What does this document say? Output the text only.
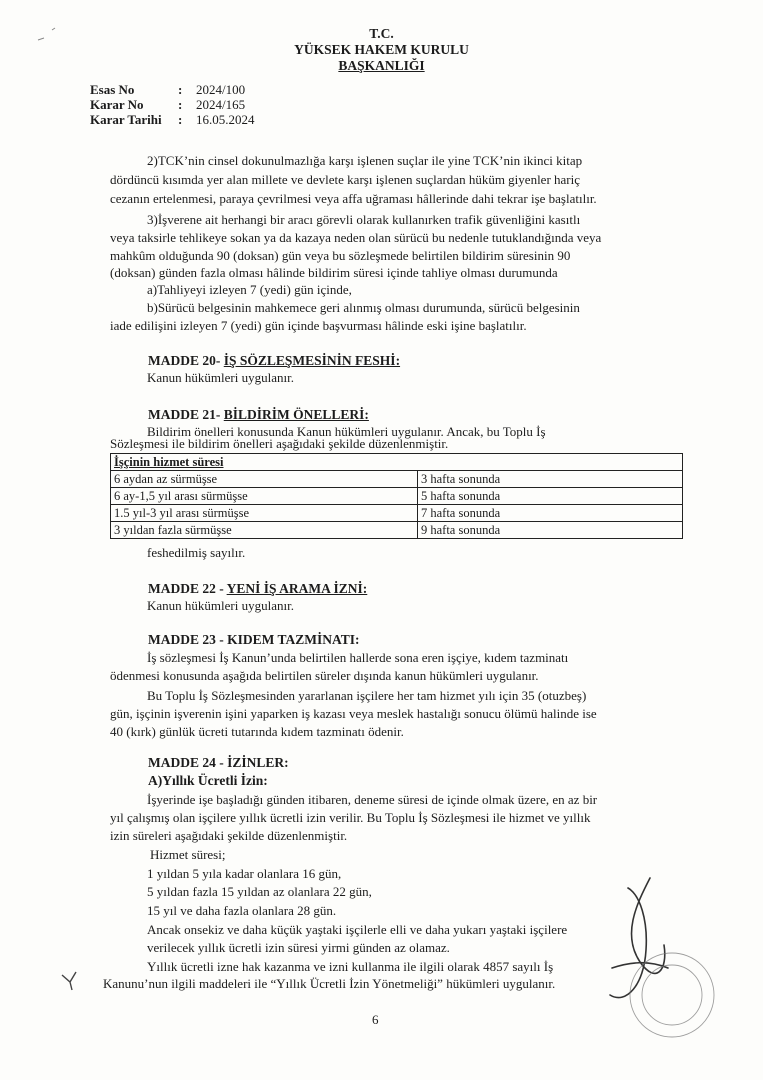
T.C.
YÜKSEK HAKEM KURULU
BAŞKANLIĞI
Esas No	:	2024/100
Karar No	:	2024/165
Karar Tarihi	:	16.05.2024
2)TCK’nin cinsel dokunulmazlığa karşı işlenen suçlar ile yine TCK’nin ikinci kitap
dördüncü kısımda yer alan millete ve devlete karşı işlenen suçlardan hüküm giyenler hariç
cezanın ertelenmesi, paraya çevrilmesi veya affa uğraması hâllerinde dahi tekrar işe başlatılır.
3)İşverene ait herhangi bir aracı görevli olarak kullanırken trafik güvenliğini kasıtlı
veya taksirle tehlikeye sokan ya da kazaya neden olan sürücü bu nedenle tutuklandığında veya
mahkûm olduğunda 90 (doksan) gün veya bu sözleşmede belirtilen bildirim süresinin 90
(doksan) günden fazla olması hâlinde bildirim süresi içinde tahliye olması durumunda
a)Tahliyeyi izleyen 7 (yedi) gün içinde,
b)Sürücü belgesinin mahkemece geri alınmış olması durumunda, sürücü belgesinin
iade edilişini izleyen 7 (yedi) gün içinde başvurması hâlinde eski işine başlatılır.
MADDE 20- İŞ SÖZLEŞMESİNİN FESHİ:
Kanun hükümleri uygulanır.
MADDE 21- BİLDİRİM ÖNELLERİ:
Bildirim önelleri konusunda Kanun hükümleri uygulanır. Ancak, bu Toplu İş
Sözleşmesi ile bildirim önelleri aşağıdaki şekilde düzenlenmiştir.
İşçinin hizmet süresi	
6 aydan az sürmüşse	3 hafta sonunda
6 ay-1,5 yıl arası sürmüşse	5 hafta sonunda
1.5 yıl-3 yıl arası sürmüşse	7 hafta sonunda
3 yıldan fazla sürmüşse	9 hafta sonunda
feshedilmiş sayılır.
MADDE 22 - YENİ İŞ ARAMA İZNİ:
Kanun hükümleri uygulanır.
MADDE 23 - KIDEM TAZMİNATI:
İş sözleşmesi İş Kanun’unda belirtilen hallerde sona eren işçiye, kıdem tazminatı
ödenmesi konusunda aşağıda belirtilen süreler dışında kanun hükümleri uygulanır.
Bu Toplu İş Sözleşmesinden yararlanan işçilere her tam hizmet yılı için 35 (otuzbeş)
gün, işçinin işverenin işini yaparken iş kazası veya meslek hastalığı sonucu ölümü halinde ise
40 (kırk) günlük ücreti tutarında kıdem tazminatı ödenir.
MADDE 24 - İZİNLER:
A)Yıllık Ücretli İzin:
İşyerinde işe başladığı günden itibaren, deneme süresi de içinde olmak üzere, en az bir
yıl çalışmış olan işçilere yıllık ücretli izin verilir. Bu Toplu İş Sözleşmesi ile hizmet ve yıllık
izin süreleri aşağıdaki şekilde düzenlenmiştir.
Hizmet süresi;
1 yıldan 5 yıla kadar olanlara 16 gün,
5 yıldan fazla 15 yıldan az olanlara 22 gün,
15 yıl ve daha fazla olanlara 28 gün.
Ancak onsekiz ve daha küçük yaştaki işçilerle elli ve daha yukarı yaştaki işçilere
verilecek yıllık ücretli izin süresi yirmi günden az olamaz.
Yıllık ücretli izne hak kazanma ve izni kullanma ile ilgili olarak 4857 sayılı İş
Kanunu’nun ilgili maddeleri ile “Yıllık Ücretli İzin Yönetmeliği” hükümleri uygulanır.
6
